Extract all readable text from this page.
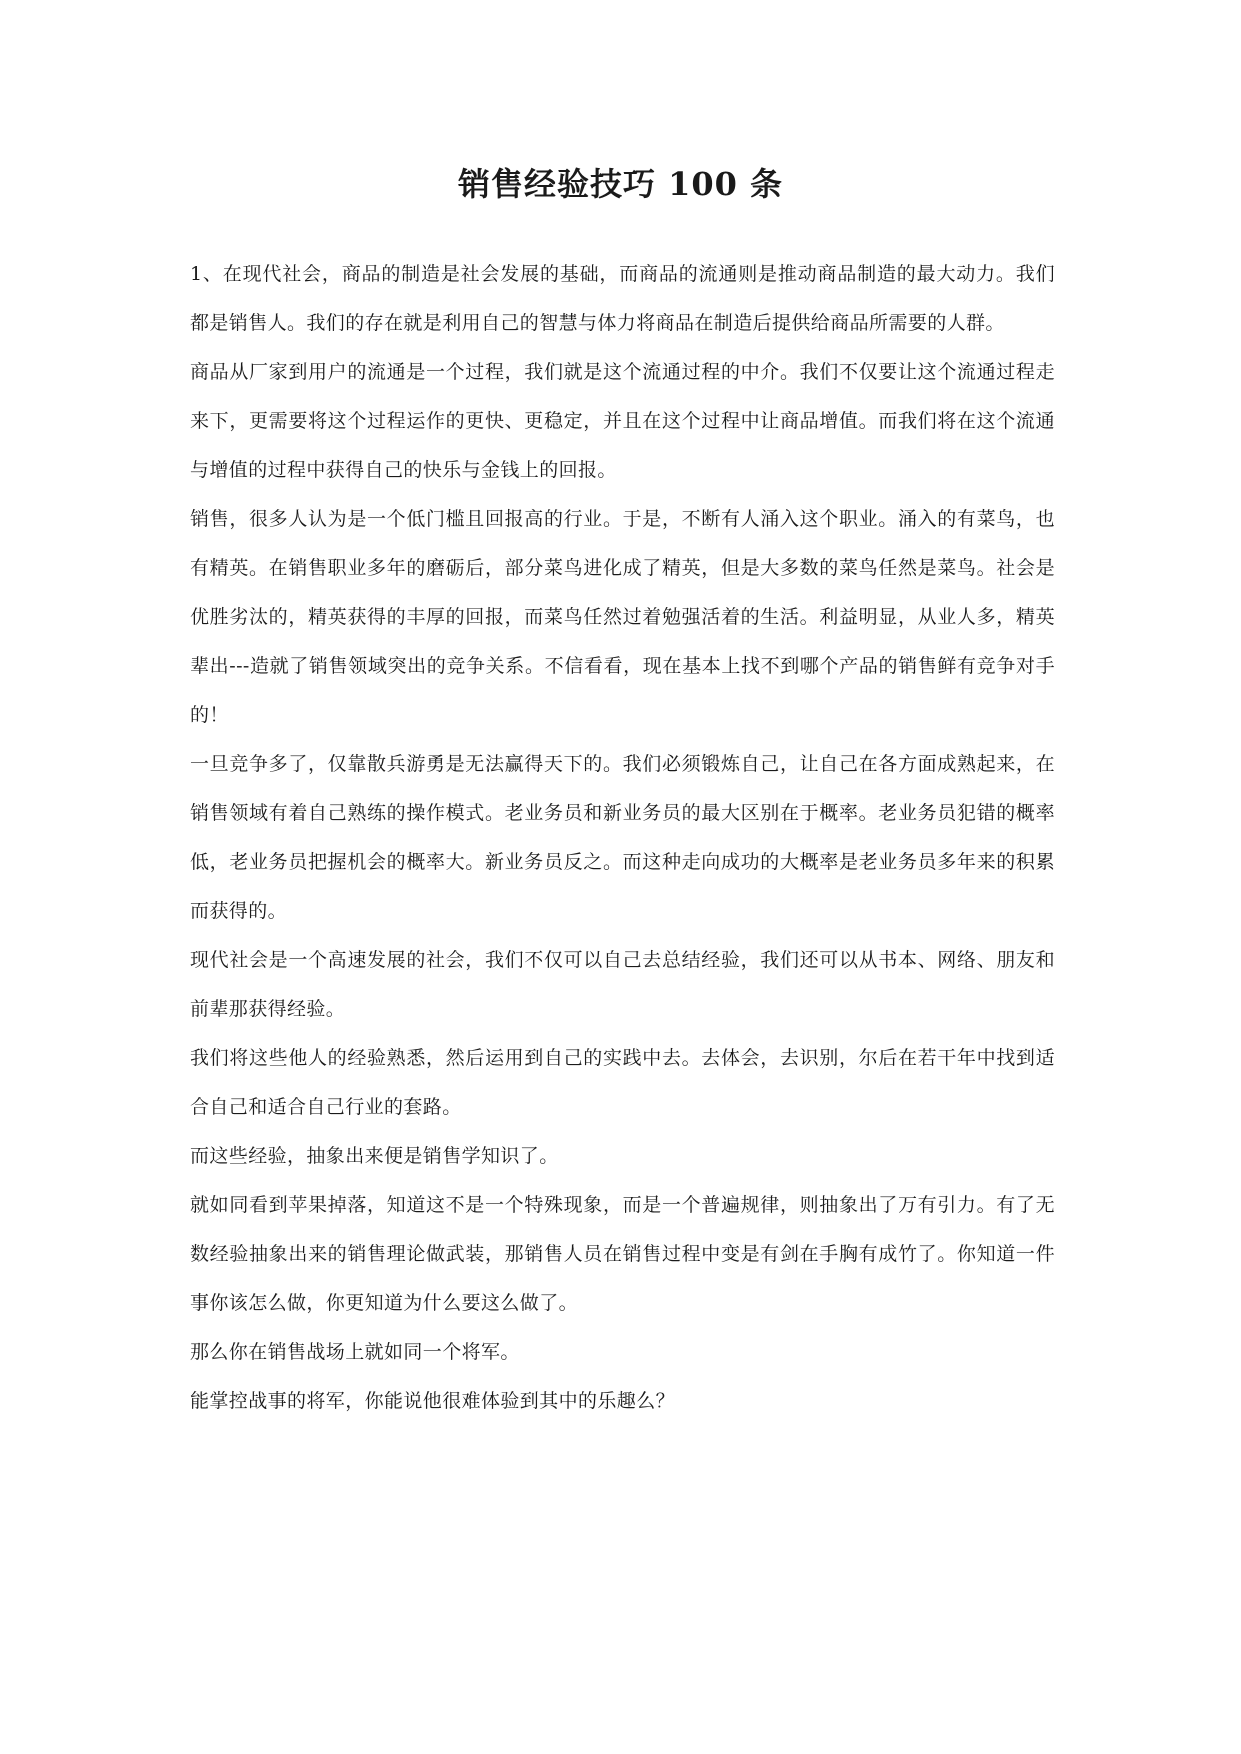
销售经验技巧 100 条

1、在现代社会，商品的制造是社会发展的基础，而商品的流通则是推动商品制造的最大动力。我们都是销售人。我们的存在就是利用自己的智慧与体力将商品在制造后提供给商品所需要的人群。

商品从厂家到用户的流通是一个过程，我们就是这个流通过程的中介。我们不仅要让这个流通过程走来下，更需要将这个过程运作的更快、更稳定，并且在这个过程中让商品增值。而我们将在这个流通与增值的过程中获得自己的快乐与金钱上的回报。

销售，很多人认为是一个低门槛且回报高的行业。于是，不断有人涌入这个职业。涌入的有菜鸟，也有精英。在销售职业多年的磨砺后，部分菜鸟进化成了精英，但是大多数的菜鸟任然是菜鸟。社会是优胜劣汰的，精英获得的丰厚的回报，而菜鸟任然过着勉强活着的生活。利益明显，从业人多，精英辈出---造就了销售领域突出的竞争关系。不信看看，现在基本上找不到哪个产品的销售鲜有竞争对手的！

一旦竞争多了，仅靠散兵游勇是无法赢得天下的。我们必须锻炼自己，让自己在各方面成熟起来，在销售领域有着自己熟练的操作模式。老业务员和新业务员的最大区别在于概率。老业务员犯错的概率低，老业务员把握机会的概率大。新业务员反之。而这种走向成功的大概率是老业务员多年来的积累而获得的。

现代社会是一个高速发展的社会，我们不仅可以自己去总结经验，我们还可以从书本、网络、朋友和前辈那获得经验。

我们将这些他人的经验熟悉，然后运用到自己的实践中去。去体会，去识别，尔后在若干年中找到适合自己和适合自己行业的套路。

而这些经验，抽象出来便是销售学知识了。

就如同看到苹果掉落，知道这不是一个特殊现象，而是一个普遍规律，则抽象出了万有引力。有了无数经验抽象出来的销售理论做武装，那销售人员在销售过程中变是有剑在手胸有成竹了。你知道一件事你该怎么做，你更知道为什么要这么做了。

那么你在销售战场上就如同一个将军。

能掌控战事的将军，你能说他很难体验到其中的乐趣么？
